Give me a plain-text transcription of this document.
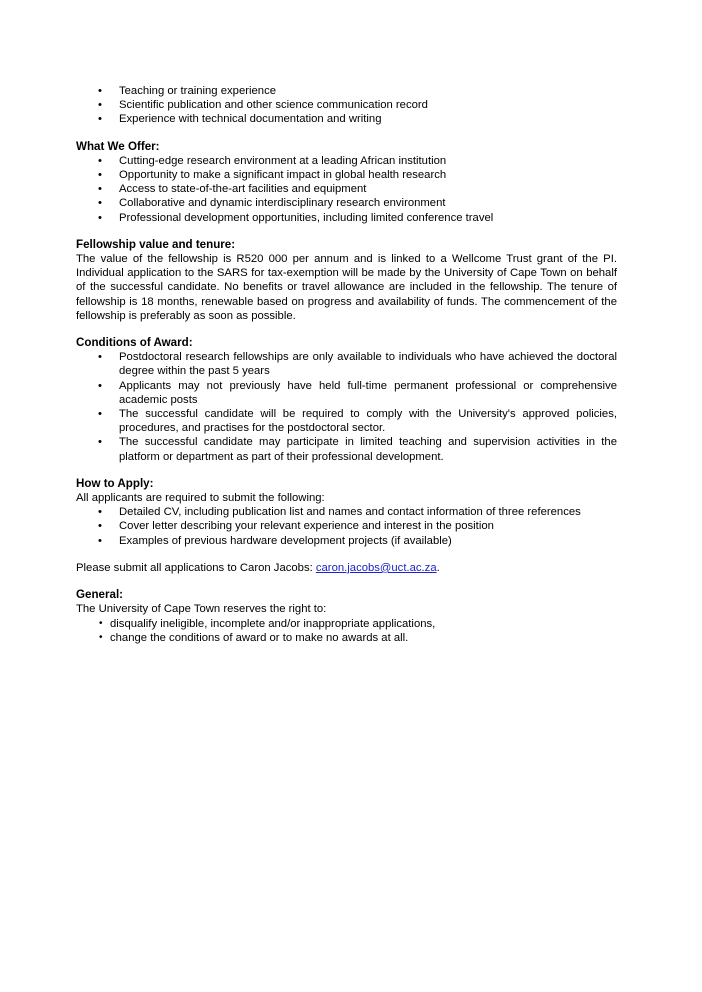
• Teaching or training experience
• Scientific publication and other science communication record
• Experience with technical documentation and writing
What We Offer:
• Cutting-edge research environment at a leading African institution
• Opportunity to make a significant impact in global health research
• Access to state-of-the-art facilities and equipment
• Collaborative and dynamic interdisciplinary research environment
• Professional development opportunities, including limited conference travel
Fellowship value and tenure:

The value of the fellowship is R520 000 per annum and is linked to a Wellcome Trust grant of the PI. Individual application to the SARS for tax-exemption will be made by the University of Cape Town on behalf of the successful candidate. No benefits or travel allowance are included in the fellowship. The tenure of fellowship is 18 months, renewable based on progress and availability of funds. The commencement of the fellowship is preferably as soon as possible.

Conditions of Award:
• Postdoctoral research fellowships are only available to individuals who have achieved the doctoral degree within the past 5 years
• Applicants may not previously have held full-time permanent professional or comprehensive academic posts
• The successful candidate will be required to comply with the University's approved policies, procedures, and practises for the postdoctoral sector.
• The successful candidate may participate in limited teaching and supervision activities in the platform or department as part of their professional development.
How to Apply:

All applicants are required to submit the following:

• Detailed CV, including publication list and names and contact information of three references
• Cover letter describing your relevant experience and interest in the position
• Examples of previous hardware development projects (if available)

Please submit all applications to Caron Jacobs: caron.jacobs@uct.ac.za.

General:

The University of Cape Town reserves the right to:

• disqualify ineligible, incomplete and/or inappropriate applications,
• change the conditions of award or to make no awards at all.
